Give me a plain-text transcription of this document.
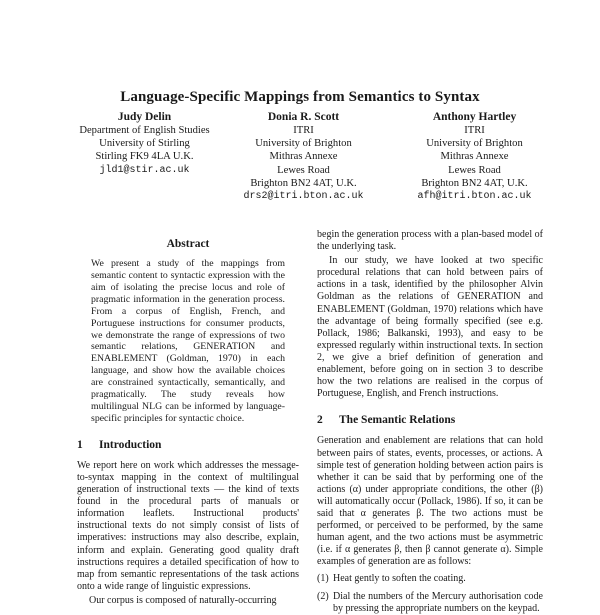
Language-Specific Mappings from Semantics to Syntax
Judy Delin
Department of English Studies
University of Stirling
Stirling FK9 4LA U.K.
jld1@stir.ac.uk
Donia R. Scott
ITRI
University of Brighton
Mithras Annexe
Lewes Road
Brighton BN2 4AT, U.K.
drs2@itri.bton.ac.uk
Anthony Hartley
ITRI
University of Brighton
Mithras Annexe
Lewes Road
Brighton BN2 4AT, U.K.
afh@itri.bton.ac.uk
Abstract
We present a study of the mappings from semantic content to syntactic expression with the aim of isolating the precise locus and role of pragmatic information in the generation process. From a corpus of English, French, and Portuguese instructions for consumer products, we demonstrate the range of expressions of two semantic relations, GENERATION and ENABLEMENT (Goldman, 1970) in each language, and show how the available choices are constrained syntactically, semantically, and pragmatically. The study reveals how multilingual NLG can be informed by language-specific principles for syntactic choice.
1 Introduction

We report here on work which addresses the message-to-syntax mapping in the context of multilingual generation of instructional texts — the kind of texts found in the procedural parts of manuals or information leaflets. Instructional products' instructional texts do not simply consist of lists of imperatives: instructions may also describe, explain, inform and explain. Generating good quality draft instructions requires a detailed specification of how to map from semantic representations of the task actions onto a wide range of linguistic expressions.

Our corpus is composed of naturally-occurring

begin the generation process with a plan-based model of the underlying task.

In our study, we have looked at two specific procedural relations that can hold between pairs of actions in a task, identified by the philosopher Alvin Goldman as the relations of GENERATION and ENABLEMENT (Goldman, 1970) relations which have the advantage of being formally specified (see e.g. Pollack, 1986; Balkanski, 1993), and easy to be expressed regularly within instructional texts. In section 2, we give a brief definition of generation and enablement, before going on in section 3 to describe how the two relations are realised in the corpus of Portuguese, English, and French instructions.

2 The Semantic Relations

Generation and enablement are relations that can hold between pairs of states, events, processes, or actions. A simple test of generation holding between action pairs is whether it can be said that by performing one of the actions (α) under appropriate conditions, the other (β) will automatically occur (Pollack, 1986). If so, it can be said that α generates β. The two actions must be performed, or perceived to be performed, by the same human agent, and the two actions must be asymmetric (i.e. if α generates β, then β cannot generate α). Simple examples of generation are as follows:

(1) Heat gently to soften the coating.
(2) Dial the numbers of the Mercury authorisation code by pressing the appropriate numbers on the keypad.
